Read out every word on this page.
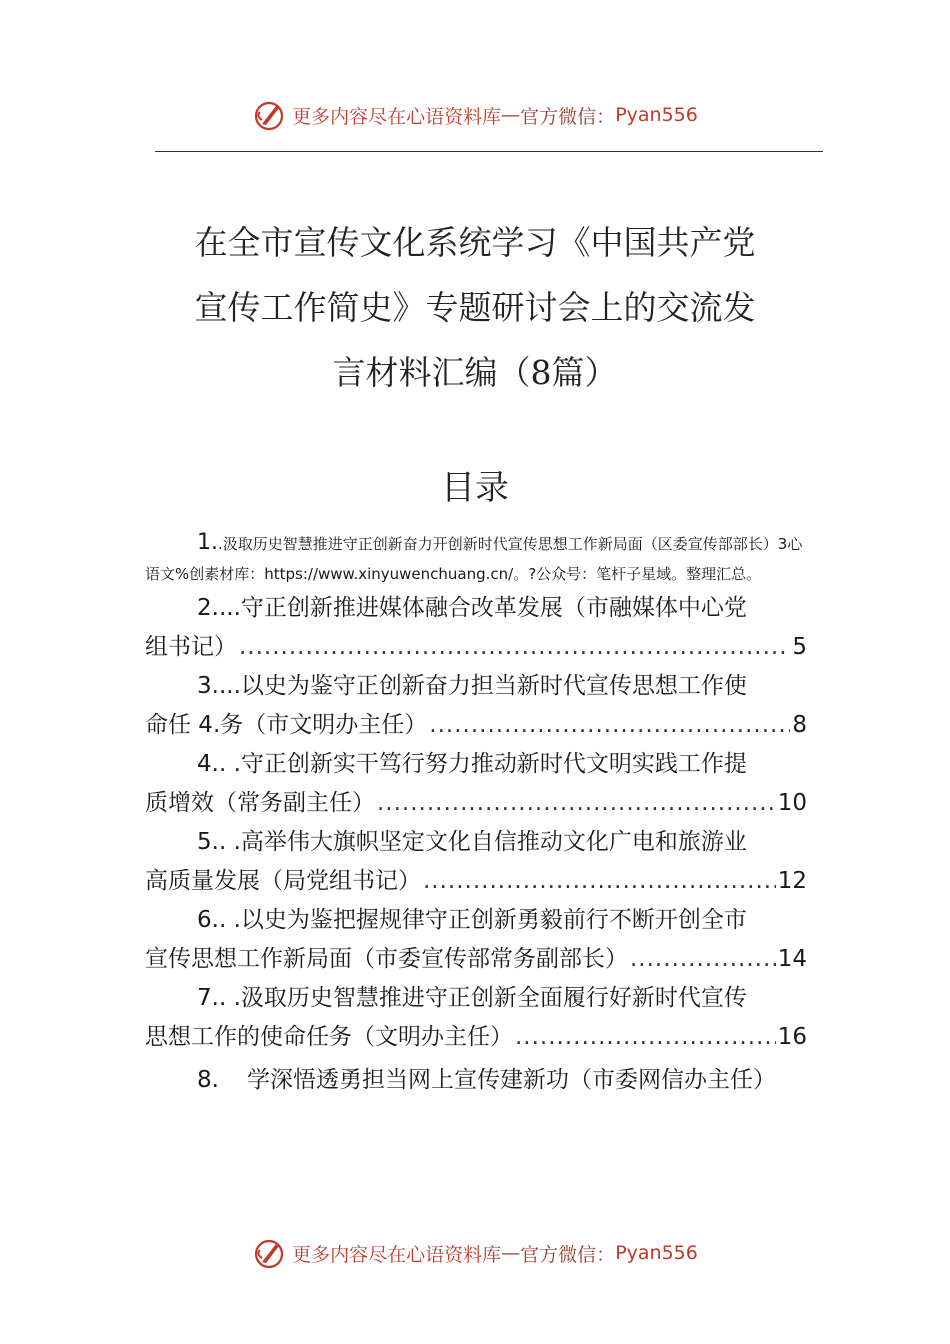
更多内容尽在心语资料库 — 官方微信： Pyan556
在全市宣传文化系统学习《中国共产党
宣传工作简史》专题研讨会上的交流发
言材料汇编（8篇）
目录
1..汲取历史智慧推进守正创新奋力开创新时代宣传思想工作新局面（区委宣传部部长）3心语文%创素材库：https://www.xinyuwenchuang.cn/。?公众号：笔杆子星域。整理汇总。
2....守正创新推进媒体融合改革发展（市融媒体中心党
组书记） .....	5
3....以史为鉴守正创新奋力担当新时代宣传思想工作使
命任 4.务（市文明办主任） .....	8
4.. .守正创新实干笃行努力推动新时代文明实践工作提
质增效（常务副主任） .....	10
5.. .高举伟大旗帜坚定文化自信推动文化广电和旅游业
高质量发展（局党组书记） .....	12
6.. .以史为鉴把握规律守正创新勇毅前行不断开创全市
宣传思想工作新局面（市委宣传部常务副部长） .....	14
7.. .汲取历史智慧推进守正创新全面履行好新时代宣传
思想工作的使命任务（文明办主任） .....	16
8. 学深悟透勇担当网上宣传建新功（市委网信办主任）
更多内容尽在心语资料库 — 官方微信： Pyan556
